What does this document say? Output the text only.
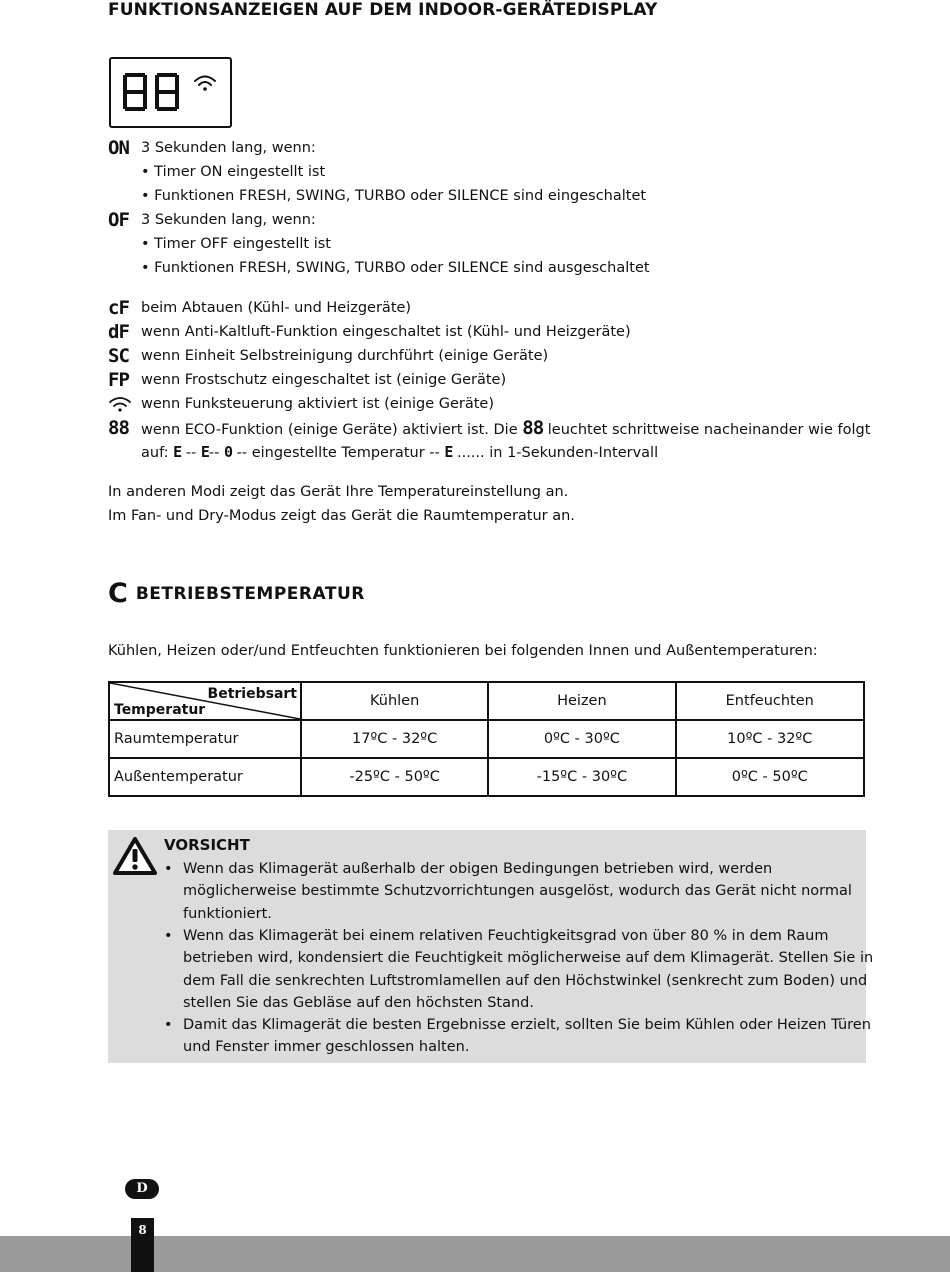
FUNKTIONSANZEIGEN AUF DEM INDOOR-GERÄTEDISPLAY
ON 3 Sekunden lang, wenn:
• Timer ON eingestellt ist
• Funktionen FRESH, SWING, TURBO oder SILENCE sind eingeschaltet
OF 3 Sekunden lang, wenn:
• Timer OFF eingestellt ist
• Funktionen FRESH, SWING, TURBO oder SILENCE sind ausgeschaltet
cF beim Abtauen (Kühl- und Heizgeräte)
dF wenn Anti-Kaltluft-Funktion eingeschaltet ist (Kühl- und Heizgeräte)
SC wenn Einheit Selbstreinigung durchführt (einige Geräte)
FP wenn Frostschutz eingeschaltet ist (einige Geräte)
wenn Funksteuerung aktiviert ist (einige Geräte)
88 wenn ECO-Funktion (einige Geräte) aktiviert ist. Die 88 leuchtet schrittweise nacheinander wie folgt
auf: E -- E-- 0 -- eingestellte Temperatur -- E ...... in 1-Sekunden-Intervall
In anderen Modi zeigt das Gerät Ihre Temperatureinstellung an.
Im Fan- und Dry-Modus zeigt das Gerät die Raumtemperatur an.
CBETRIEBSTEMPERATUR
Kühlen, Heizen oder/und Entfeuchten funktionieren bei folgenden Innen und Außentemperaturen:
Betriebsart
Temperatur	Kühlen	Heizen	Entfeuchten
Raumtemperatur	17ºC - 32ºC	0ºC - 30ºC	10ºC - 32ºC
Außentemperatur	-25ºC - 50ºC	-15ºC - 30ºC	0ºC - 50ºC
VORSICHT
• Wenn das Klimagerät außerhalb der obigen Bedingungen betrieben wird, werden
möglicherweise bestimmte Schutzvorrichtungen ausgelöst, wodurch das Gerät nicht normal
funktioniert.
• Wenn das Klimagerät bei einem relativen Feuchtigkeitsgrad von über 80 % in dem Raum
betrieben wird, kondensiert die Feuchtigkeit möglicherweise auf dem Klimagerät. Stellen Sie in
dem Fall die senkrechten Luftstromlamellen auf den Höchstwinkel (senkrecht zum Boden) und
stellen Sie das Gebläse auf den höchsten Stand.
• Damit das Klimagerät die besten Ergebnisse erzielt, sollten Sie beim Kühlen oder Heizen Türen
und Fenster immer geschlossen halten.
D
8
